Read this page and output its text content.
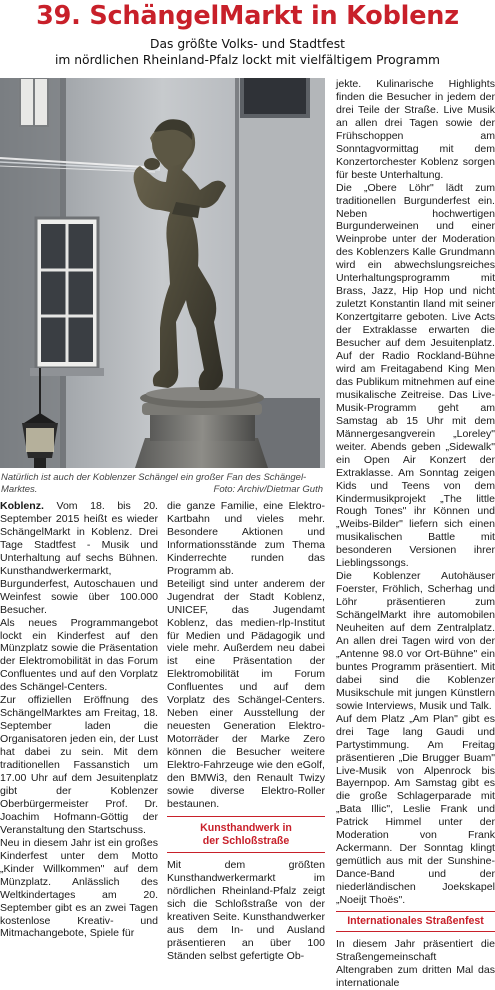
39. SchängelMarkt in Koblenz
Das größte Volks- und Stadtfest
im nördlichen Rheinland-Pfalz lockt mit vielfältigem Programm
Natürlich ist auch der Koblenzer Schängel ein großer Fan des Schängel-
Marktes.	Foto: Archiv/Dietmar Guth

Koblenz. Vom 18. bis 20. September 2015 heißt es wieder SchängelMarkt in Koblenz. Drei Tage Stadtfest - Musik und Unterhaltung auf sechs Bühnen. Kunsthandwerkermarkt, Burgunderfest, Autoschauen und Weinfest sowie über 100.000 Besucher.

Als neues Programmangebot lockt ein Kinderfest auf den Münzplatz sowie die Präsentation der Elektromobilität in das Forum Confluentes und auf den Vorplatz des Schängel-Centers.

Zur offiziellen Eröffnung des SchängelMarktes am Freitag, 18. September laden die Organisatoren jeden ein, der Lust hat dabei zu sein. Mit dem traditionellen Fassanstich um 17.00 Uhr auf dem Jesuitenplatz gibt der Koblenzer Oberbürgermeister Prof. Dr. Joachim Hofmann-Göttig der Veranstaltung den Startschuss.

Neu in diesem Jahr ist ein großes Kinderfest unter dem Motto „Kinder Willkommen" auf dem Münzplatz. Anlässlich des Weltkindertages am 20. September gibt es an zwei Tagen kostenlose Kreativ- und Mitmachangebote, Spiele für

die ganze Familie, eine Elektro-Kartbahn und vieles mehr. Besondere Aktionen und Informationsstände zum Thema Kinderrechte runden das Programm ab.

Beteiligt sind unter anderem der Jugendrat der Stadt Koblenz, UNICEF, das Jugendamt Koblenz, das medien-rlp-Institut für Medien und Pädagogik und viele mehr. Außerdem neu dabei ist eine Präsentation der Elektromobilität im Forum Confluentes und auf dem Vorplatz des Schängel-Centers. Neben einer Ausstellung der neuesten Generation Elektro-Motorräder der Marke Zero können die Besucher weitere Elektro-Fahrzeuge wie den eGolf, den BMWi3, den Renault Twizy sowie diverse Elektro-Roller bestaunen.

Kunsthandwerk in
der Schloßstraße

Mit dem größten Kunsthandwerkermarkt im nördlichen Rheinland-Pfalz zeigt sich die Schloßstraße von der kreativen Seite. Kunsthandwerker aus dem In- und Ausland präsentieren an über 100 Ständen selbst gefertigte Ob-

jekte. Kulinarische Highlights finden die Besucher in jedem der drei Teile der Straße. Live Musik an allen drei Tagen sowie der Frühschoppen am Sonntagvormittag mit dem Konzertorchester Koblenz sorgen für beste Unterhaltung.

Die „Obere Löhr" lädt zum traditionellen Burgunderfest ein. Neben hochwertigen Burgunderweinen und einer Weinprobe unter der Moderation des Koblenzers Kalle Grundmann wird ein abwechslungsreiches Unterhaltungsprogramm mit Brass, Jazz, Hip Hop und nicht zuletzt Konstantin Iland mit seiner Konzertgitarre geboten. Live Acts der Extraklasse erwarten die Besucher auf dem Jesuitenplatz. Auf der Radio Rockland-Bühne wird am Freitagabend King Men das Publikum mitnehmen auf eine musikalische Zeitreise. Das Live-Musik-Programm geht am Samstag ab 15 Uhr mit dem Männergesangverein „Loreley" weiter. Abends geben „Sidewalk" ein Open Air Konzert der Extraklasse. Am Sonntag zeigen Kids und Teens von dem Kindermusikprojekt „The little Rough Tones" ihr Können und „Weibs-Bilder" liefern sich einen musikalischen Battle mit besonderen Versionen ihrer Lieblingssongs.

Die Koblenzer Autohäuser Foerster, Fröhlich, Scherhag und Löhr präsentieren zum SchängelMarkt ihre automobilen Neuheiten auf dem Zentralplatz. An allen drei Tagen wird von der „Antenne 98.0 vor Ort-Bühne" ein buntes Programm präsentiert. Mit dabei sind die Koblenzer Musikschule mit jungen Künstlern sowie Interviews, Musik und Talk.

Auf dem Platz „Am Plan" gibt es drei Tage lang Gaudi und Partystimmung. Am Freitag präsentieren „Die Brugger Buam" Live-Musik von Alpenrock bis Bayernpop. Am Samstag gibt es die große Schlagerparade mit „Bata Illic", Leslie Frank und Patrick Himmel unter der Moderation von Frank Ackermann. Der Sonntag klingt gemütlich aus mit der Sunshine-Dance-Band und der niederländischen Joekskapel „Noeijt Thoës".

Internationales Straßenfest

In diesem Jahr präsentiert die Straßengemeinschaft Altengraben zum dritten Mal das internationale
